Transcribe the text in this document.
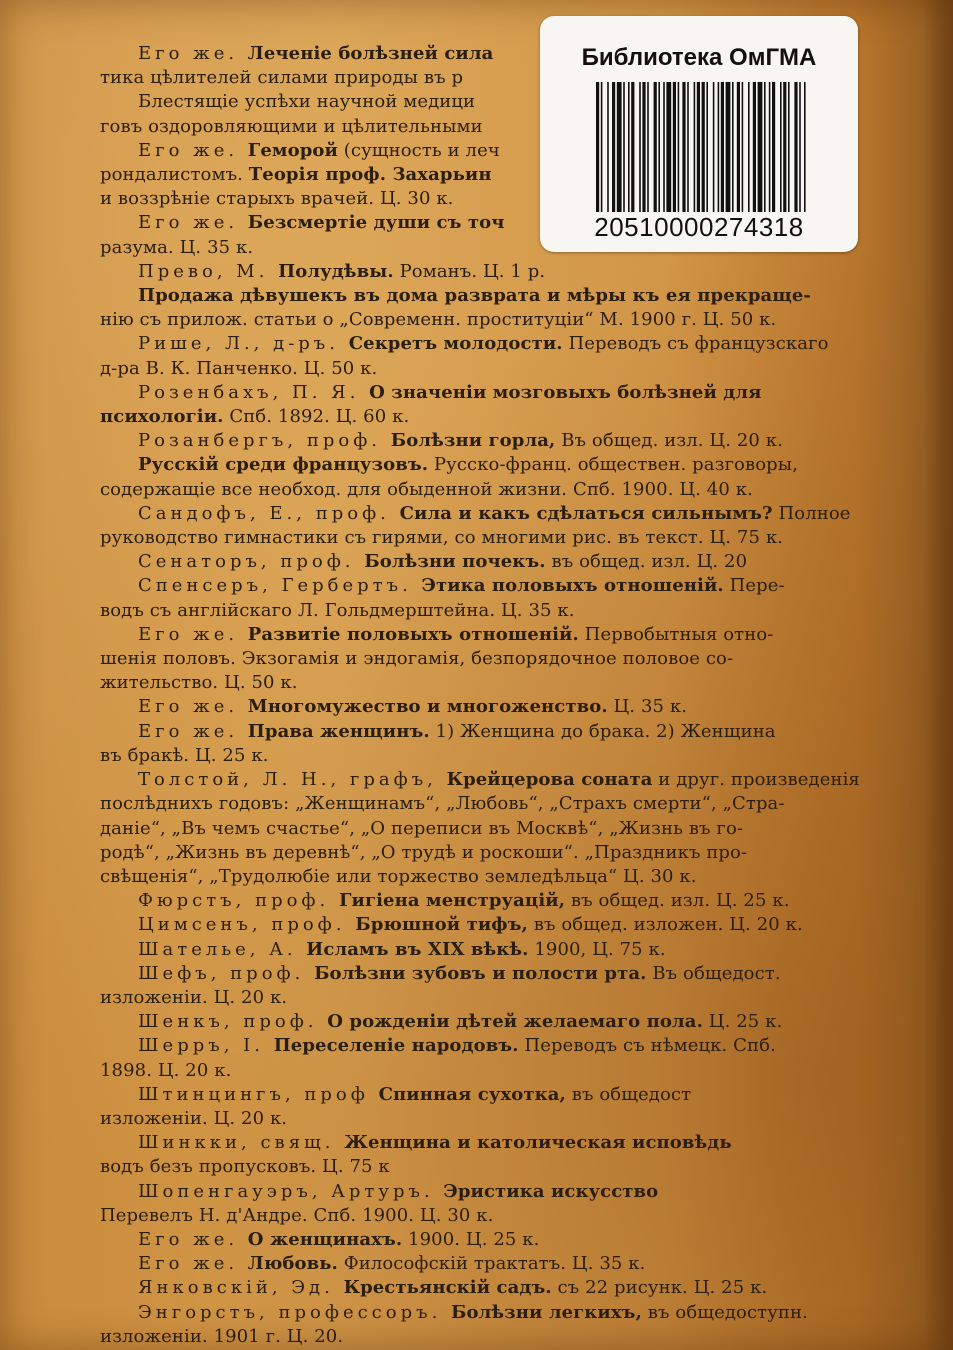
Его же. Леченіе болѣзней сила
тика цѣлителей силами природы въ р
Блестящіе успѣхи научной медици
говъ оздоровляющими и цѣлительными
Его же. Геморой (сущность и леч
рондалистомъ. Теорія проф. Захарьин
и воззрѣніе старыхъ врачей. Ц. 30 к.
Его же. Безсмертіе души съ точ
разума. Ц. 35 к.
Прево, М. Полудѣвы. Романъ. Ц. 1 р.
Продажа дѣвушекъ въ дома разврата и мѣры къ ея прекраще-
нію съ прилож. статьи о „Современн. проституціи“ М. 1900 г. Ц. 50 к.
Рише, Л., д-ръ. Секретъ молодости. Переводъ съ французскаго
д-ра В. К. Панченко. Ц. 50 к.
Розенбахъ, П. Я. О значеніи мозговыхъ болѣзней для
психологіи. Спб. 1892. Ц. 60 к.
Розанбергъ, проф. Болѣзни горла, Въ общед. изл. Ц. 20 к.
Русскій среди французовъ. Русско-франц. обществен. разговоры,
содержащіе все необход. для обыденной жизни. Спб. 1900. Ц. 40 к.
Сандофъ, Е., проф. Сила и какъ сдѣлаться сильнымъ? Полное
руководство гимнастики съ гирями, со многими рис. въ текст. Ц. 75 к.
Сенаторъ, проф. Болѣзни почекъ. въ общед. изл. Ц. 20
Спенсеръ, Гербертъ. Этика половыхъ отношеній. Пере-
водъ съ англійскаго Л. Гольдмерштейна. Ц. 35 к.
Его же. Развитіе половыхъ отношеній. Первобытныя отно-
шенія половъ. Экзогамія и эндогамія, безпорядочное половое со-
жительство. Ц. 50 к.
Его же. Многомужество и многоженство. Ц. 35 к.
Его же. Права женщинъ. 1) Женщина до брака. 2) Женщина
въ бракѣ. Ц. 25 к.
Толстой, Л. Н., графъ, Крейцерова соната и друг. произведенія
послѣднихъ годовъ: „Женщинамъ“, „Любовь“, „Страхъ смерти“, „Стра-
даніе“, „Въ чемъ счастье“, „О переписи въ Москвѣ“, „Жизнь въ го-
родѣ“, „Жизнь въ деревнѣ“, „О трудѣ и роскоши“. „Праздникъ про-
свѣщенія“, „Трудолюбіе или торжество земледѣльца“ Ц. 30 к.
Фюрстъ, проф. Гигіена менструацій, въ общед. изл. Ц. 25 к.
Цимсенъ, проф. Брюшной тифъ, въ общед. изложен. Ц. 20 к.
Шателье, А. Исламъ въ XIX вѣкѣ. 1900, Ц. 75 к.
Шефъ, проф. Болѣзни зубовъ и полости рта. Въ общедост.
изложеніи. Ц. 20 к.
Шенкъ, проф. О рожденіи дѣтей желаемаго пола. Ц. 25 к.
Шерръ, I. Переселеніе народовъ. Переводъ съ нѣмецк. Спб.
1898. Ц. 20 к.
Штинцингъ, проф Спинная сухотка, въ общедост
изложеніи. Ц. 20 к.
Шинкки, свящ. Женщина и католическая исповѣдь
водъ безъ пропусковъ. Ц. 75 к
Шопенгауэръ, Артуръ. Эристика искусство
Перевелъ Н. д'Андре. Спб. 1900. Ц. 30 к.
Его же. О женщинахъ. 1900. Ц. 25 к.
Его же. Любовь. Философскій трактатъ. Ц. 35 к.
Янковскій, Эд. Крестьянскій садъ. съ 22 рисунк. Ц. 25 к.
Энгорстъ, профессоръ. Болѣзни легкихъ, въ общедоступн.
изложеніи. 1901 г. Ц. 20.
Библиотека ОмГМА
20510000274318
